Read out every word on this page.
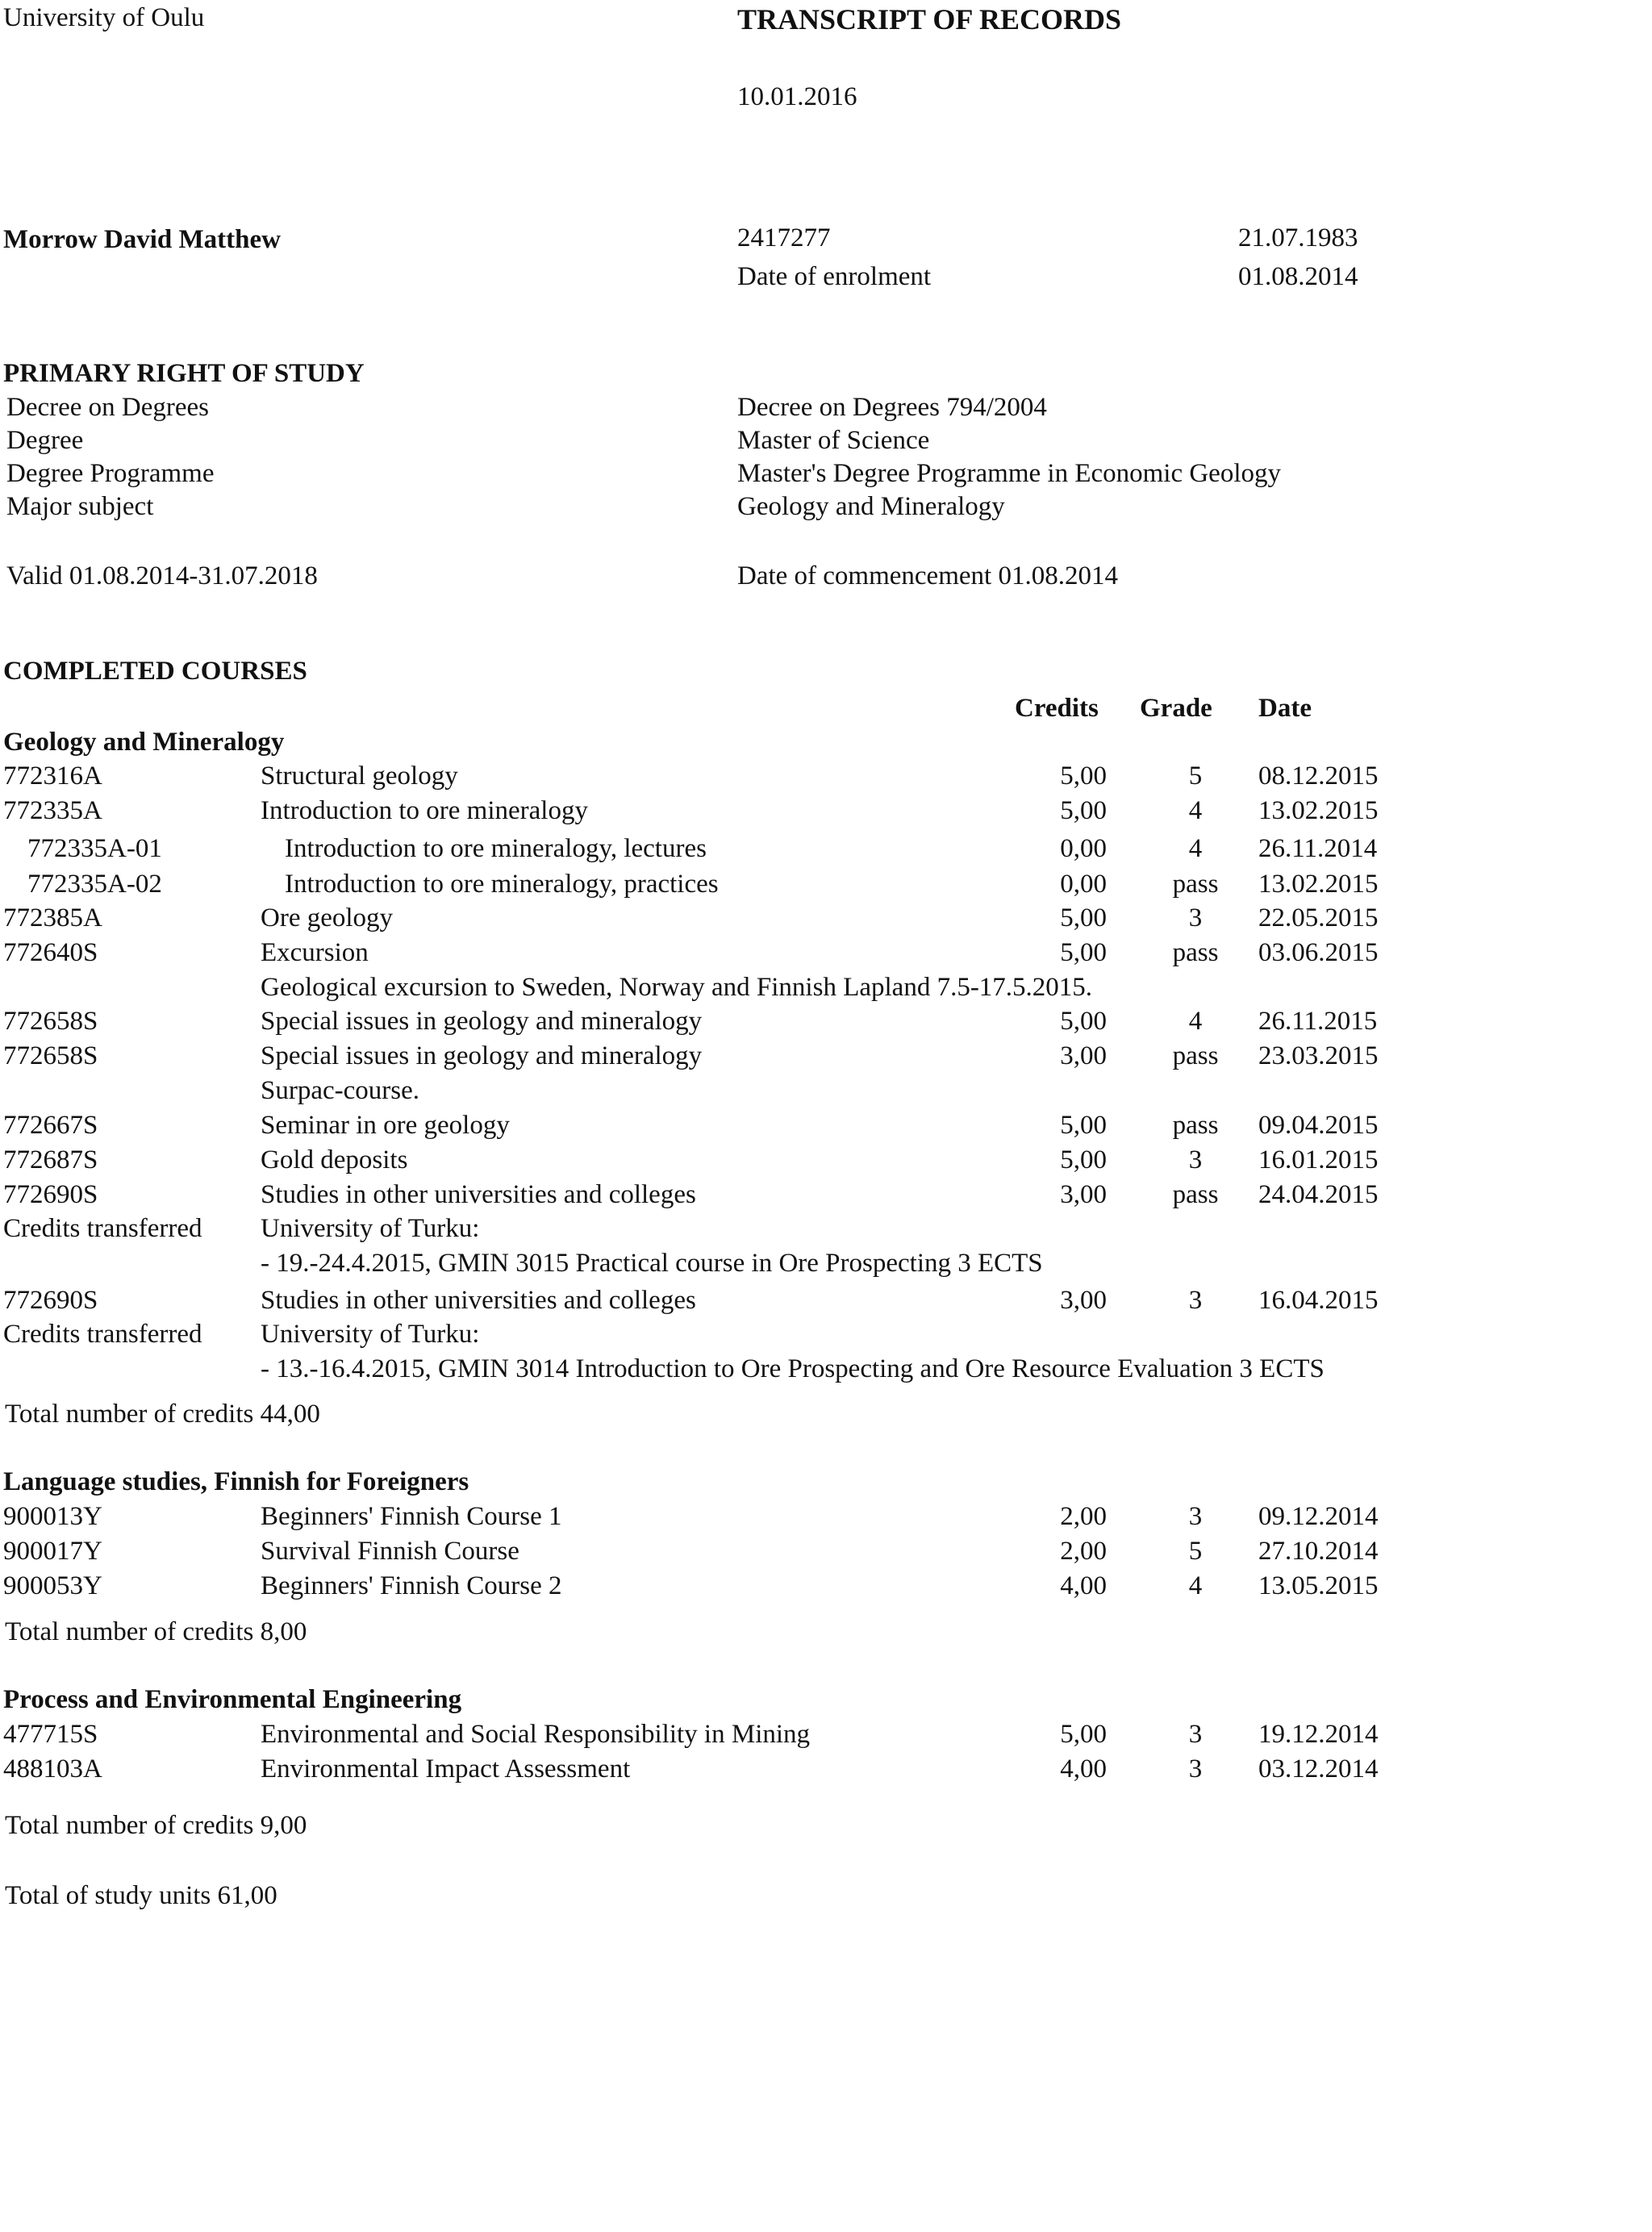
University of Oulu	TRANSCRIPT OF RECORDS
10.01.2016
Morrow David Matthew	2417277	21.07.1983
Date of enrolment	01.08.2014
PRIMARY RIGHT OF STUDY
Decree on Degrees	Decree on Degrees 794/2004
Degree	Master of Science
Degree Programme	Master's Degree Programme in Economic Geology
Major subject	Geology and Mineralogy
Valid 01.08.2014-31.07.2018	Date of commencement 01.08.2014
COMPLETED COURSES
Credits Grade Date
Geology and Mineralogy
772316A	Structural geology	5,00	5	08.12.2015
772335A	Introduction to ore mineralogy	5,00	4	13.02.2015
772335A-01	Introduction to ore mineralogy, lectures	0,00	4	26.11.2014
772335A-02	Introduction to ore mineralogy, practices	0,00	pass	13.02.2015
772385A	Ore geology	5,00	3	22.05.2015
772640S	Excursion	5,00	pass	03.06.2015
Geological excursion to Sweden, Norway and Finnish Lapland 7.5-17.5.2015.
772658S	Special issues in geology and mineralogy	5,00	4	26.11.2015
772658S	Special issues in geology and mineralogy	3,00	pass	23.03.2015
Surpac-course.
772667S	Seminar in ore geology	5,00	pass	09.04.2015
772687S	Gold deposits	5,00	3	16.01.2015
772690S	Studies in other universities and colleges	3,00	pass	24.04.2015
Credits transferred University of Turku:
- 19.-24.4.2015, GMIN 3015 Practical course in Ore Prospecting 3 ECTS
772690S	Studies in other universities and colleges	3,00	3	16.04.2015
Credits transferred University of Turku:
- 13.-16.4.2015, GMIN 3014 Introduction to Ore Prospecting and Ore Resource Evaluation 3 ECTS
Total number of credits 44,00
Language studies, Finnish for Foreigners
900013Y	Beginners' Finnish Course 1	2,00	3	09.12.2014
900017Y	Survival Finnish Course	2,00	5	27.10.2014
900053Y	Beginners' Finnish Course 2	4,00	4	13.05.2015
Total number of credits 8,00
Process and Environmental Engineering
477715S	Environmental and Social Responsibility in Mining	5,00	3	19.12.2014
488103A	Environmental Impact Assessment	4,00	3	03.12.2014
Total number of credits 9,00
Total of study units 61,00
